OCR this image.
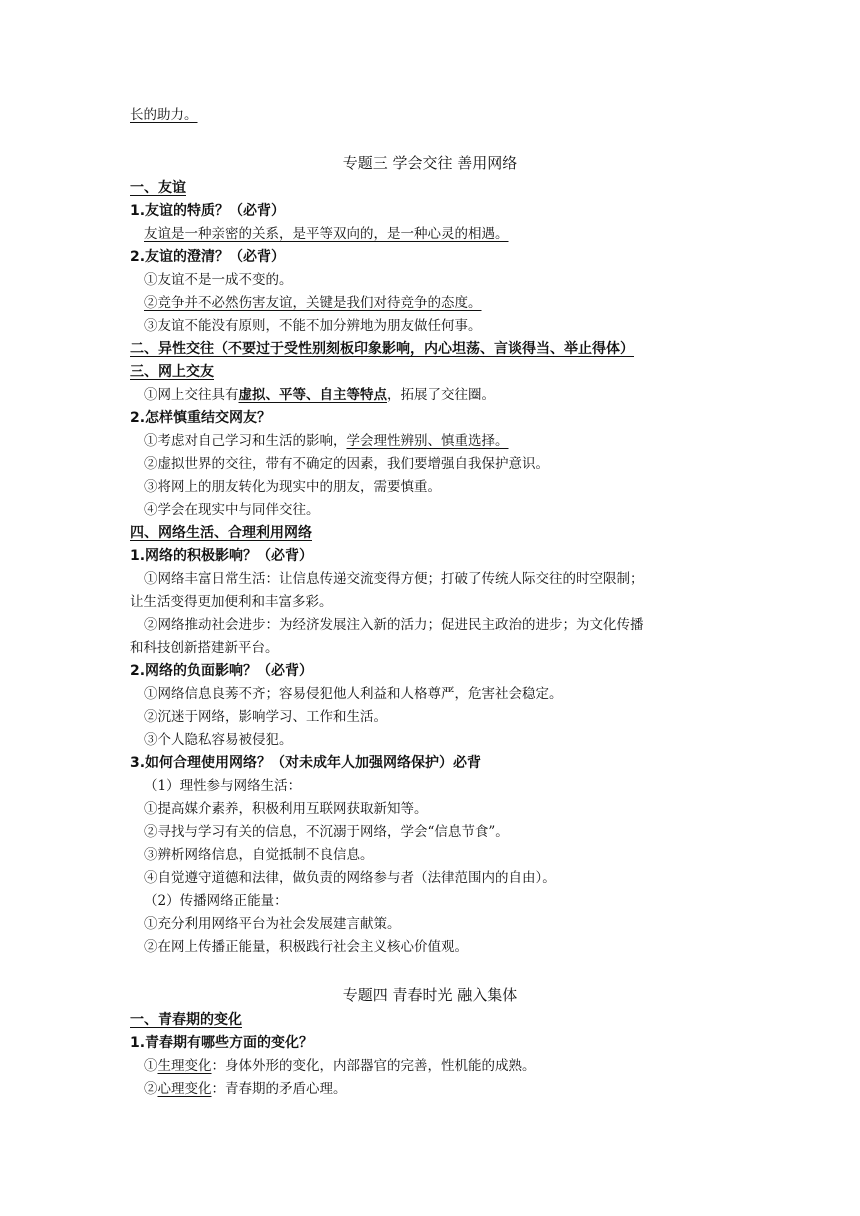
长的助力。
专题三 学会交往 善用网络
一、友谊
1.友谊的特质？（必背）
友谊是一种亲密的关系，是平等双向的，是一种心灵的相遇。
2.友谊的澄清？（必背）
①友谊不是一成不变的。
②竞争并不必然伤害友谊，关键是我们对待竞争的态度。
③友谊不能没有原则，不能不加分辨地为朋友做任何事。
二、异性交往（不要过于受性别刻板印象影响，内心坦荡、言谈得当、举止得体）
三、网上交友
①网上交往具有虚拟、平等、自主等特点，拓展了交往圈。
2.怎样慎重结交网友？
①考虑对自己学习和生活的影响，学会理性辨别、慎重选择。
②虚拟世界的交往，带有不确定的因素，我们要增强自我保护意识。
③将网上的朋友转化为现实中的朋友，需要慎重。
④学会在现实中与同伴交往。
四、网络生活、合理利用网络
1.网络的积极影响？（必背）
①网络丰富日常生活：让信息传递交流变得方便；打破了传统人际交往的时空限制；
让生活变得更加便利和丰富多彩。
②网络推动社会进步：为经济发展注入新的活力；促进民主政治的进步；为文化传播
和科技创新搭建新平台。
2.网络的负面影响？（必背）
①网络信息良莠不齐；容易侵犯他人利益和人格尊严，危害社会稳定。
②沉迷于网络，影响学习、工作和生活。
③个人隐私容易被侵犯。
3.如何合理使用网络？（对未成年人加强网络保护）必背
（1）理性参与网络生活：
①提高媒介素养，积极利用互联网获取新知等。
②寻找与学习有关的信息，不沉溺于网络，学会“信息节食”。
③辨析网络信息，自觉抵制不良信息。
④自觉遵守道德和法律，做负责的网络参与者（法律范围内的自由）。
（2）传播网络正能量：
①充分利用网络平台为社会发展建言献策。
②在网上传播正能量，积极践行社会主义核心价值观。
专题四 青春时光 融入集体
一、青春期的变化
1.青春期有哪些方面的变化？
①生理变化：身体外形的变化，内部器官的完善，性机能的成熟。
②心理变化：青春期的矛盾心理。
